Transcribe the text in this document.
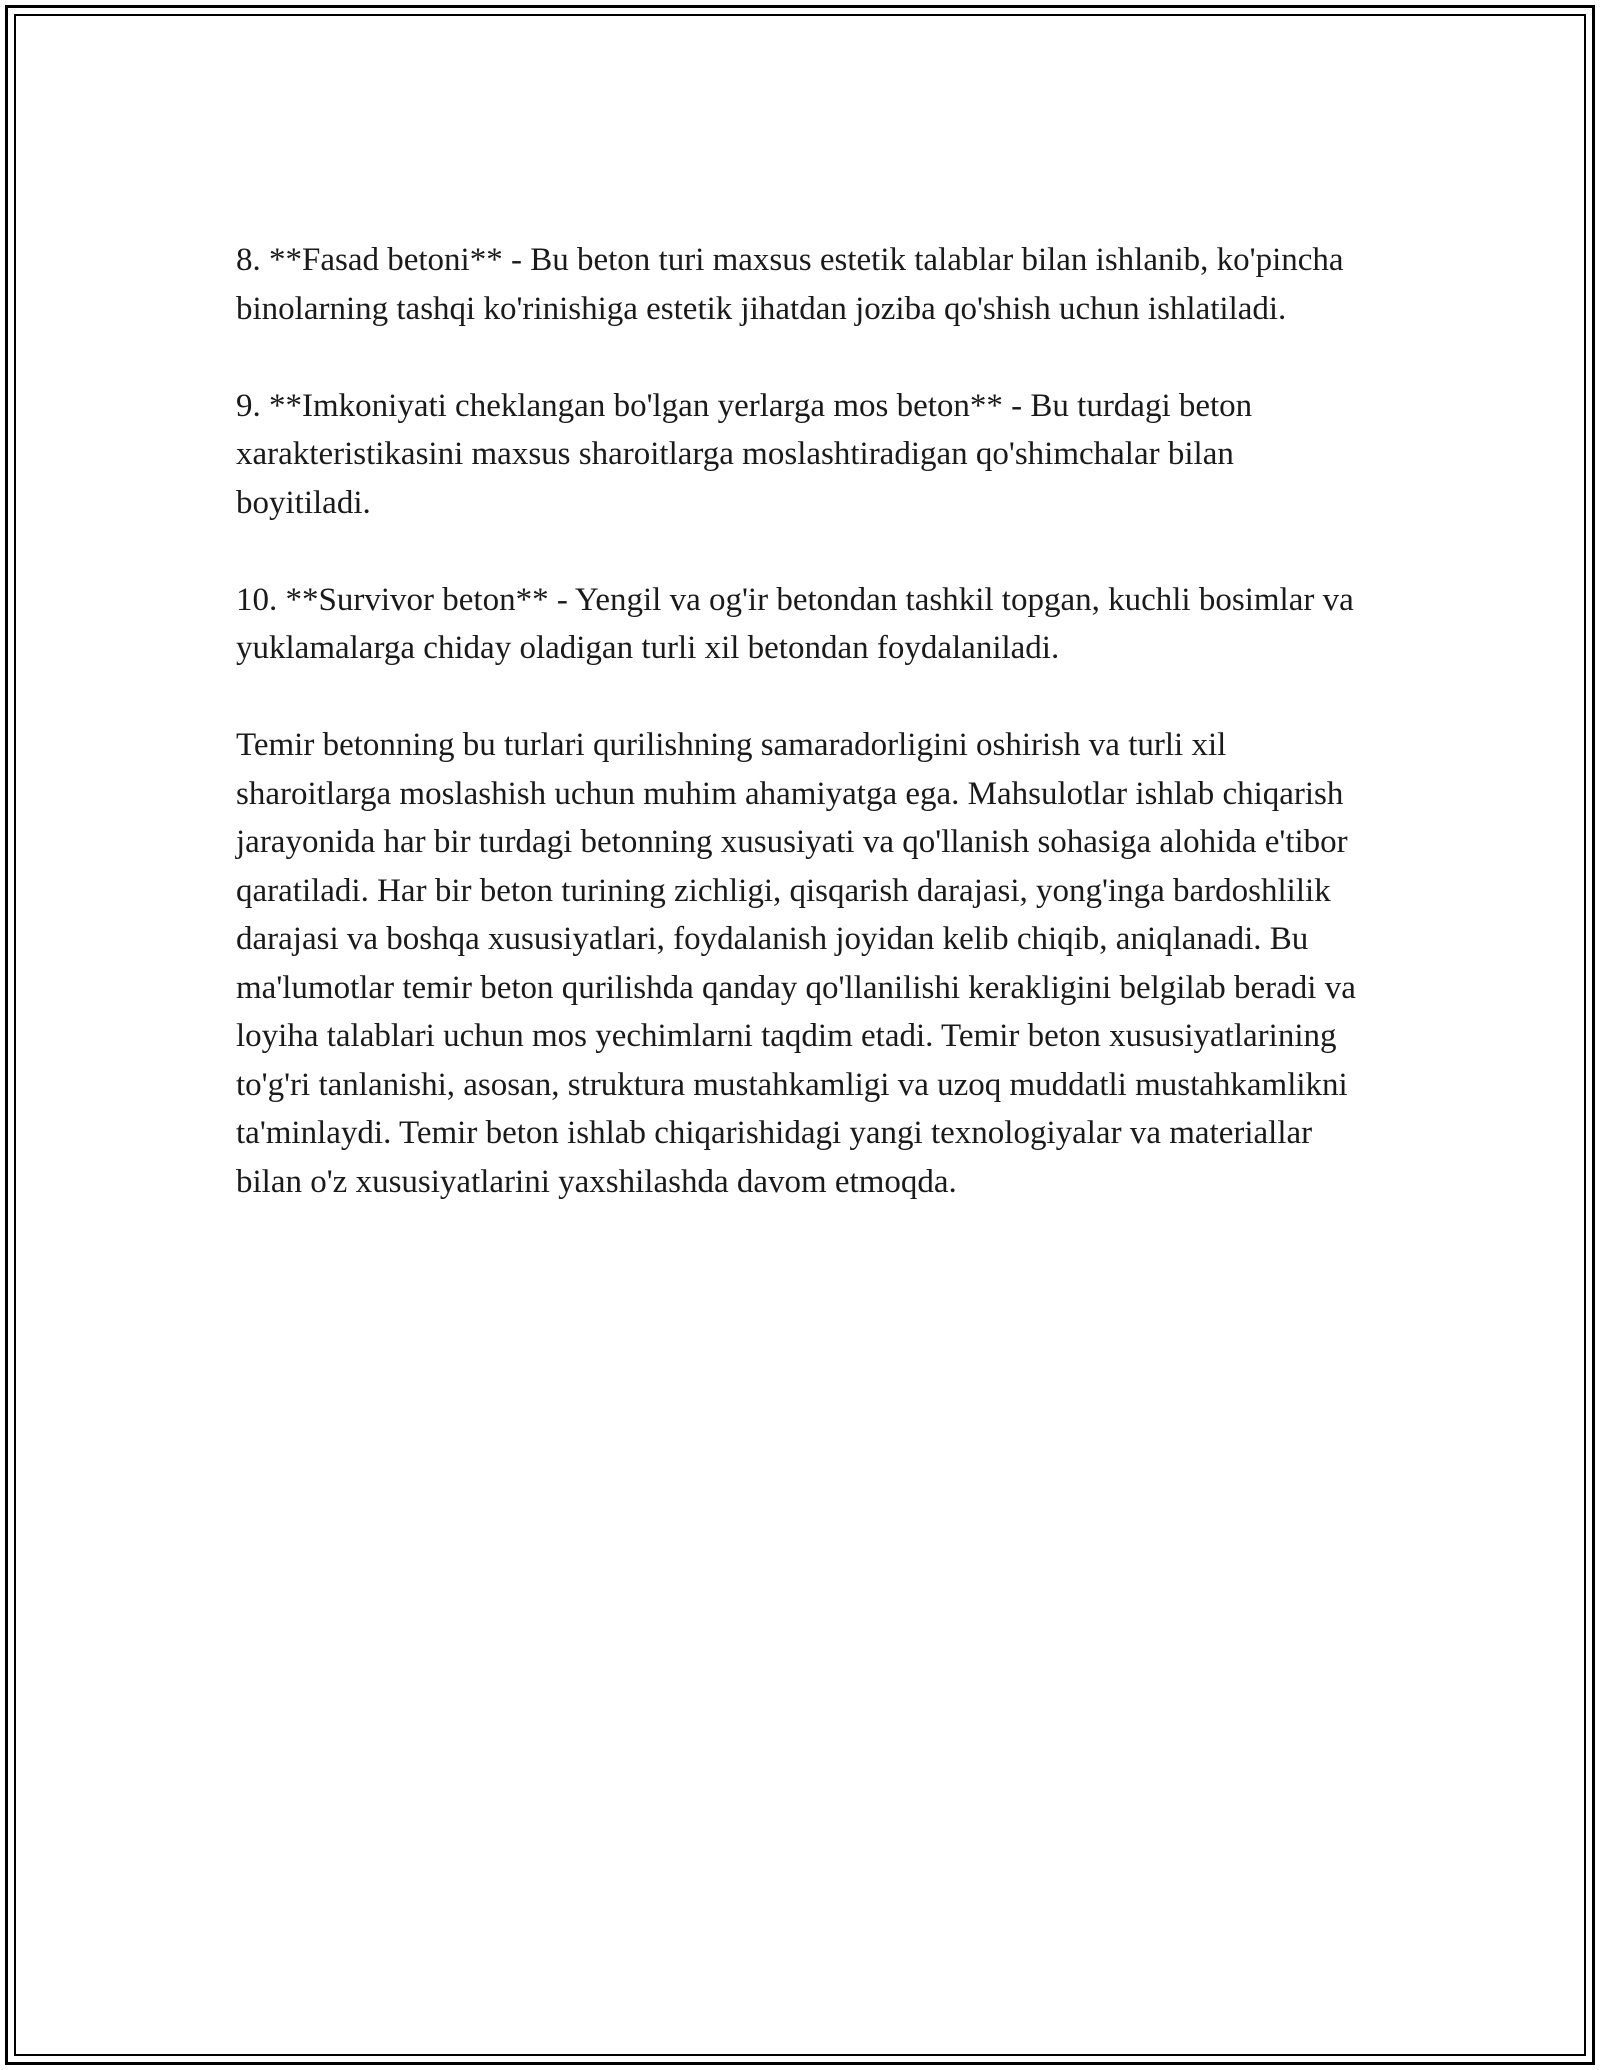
8. **Fasad betoni** - Bu beton turi maxsus estetik talablar bilan ishlanib, ko'pincha binolarning tashqi ko'rinishiga estetik jihatdan joziba qo'shish uchun ishlatiladi.

9. **Imkoniyati cheklangan bo'lgan yerlarga mos beton** - Bu turdagi beton xarakteristikasini maxsus sharoitlarga moslashtiradigan qo'shimchalar bilan boyitiladi.

10. **Survivor beton** - Yengil va og'ir betondan tashkil topgan, kuchli bosimlar va yuklamalarga chiday oladigan turli xil betondan foydalaniladi.

Temir betonning bu turlari qurilishning samaradorligini oshirish va turli xil sharoitlarga moslashish uchun muhim ahamiyatga ega. Mahsulotlar ishlab chiqarish jarayonida har bir turdagi betonning xususiyati va qo'llanish sohasiga alohida e'tibor qaratiladi. Har bir beton turining zichligi, qisqarish darajasi, yong'inga bardoshlilik darajasi va boshqa xususiyatlari, foydalanish joyidan kelib chiqib, aniqlanadi. Bu ma'lumotlar temir beton qurilishda qanday qo'llanilishi kerakligini belgilab beradi va loyiha talablari uchun mos yechimlarni taqdim etadi. Temir beton xususiyatlarining to'g'ri tanlanishi, asosan, struktura mustahkamligi va uzoq muddatli mustahkamlikni ta'minlaydi. Temir beton ishlab chiqarishidagi yangi texnologiyalar va materiallar bilan o'z xususiyatlarini yaxshilashda davom etmoqda.
